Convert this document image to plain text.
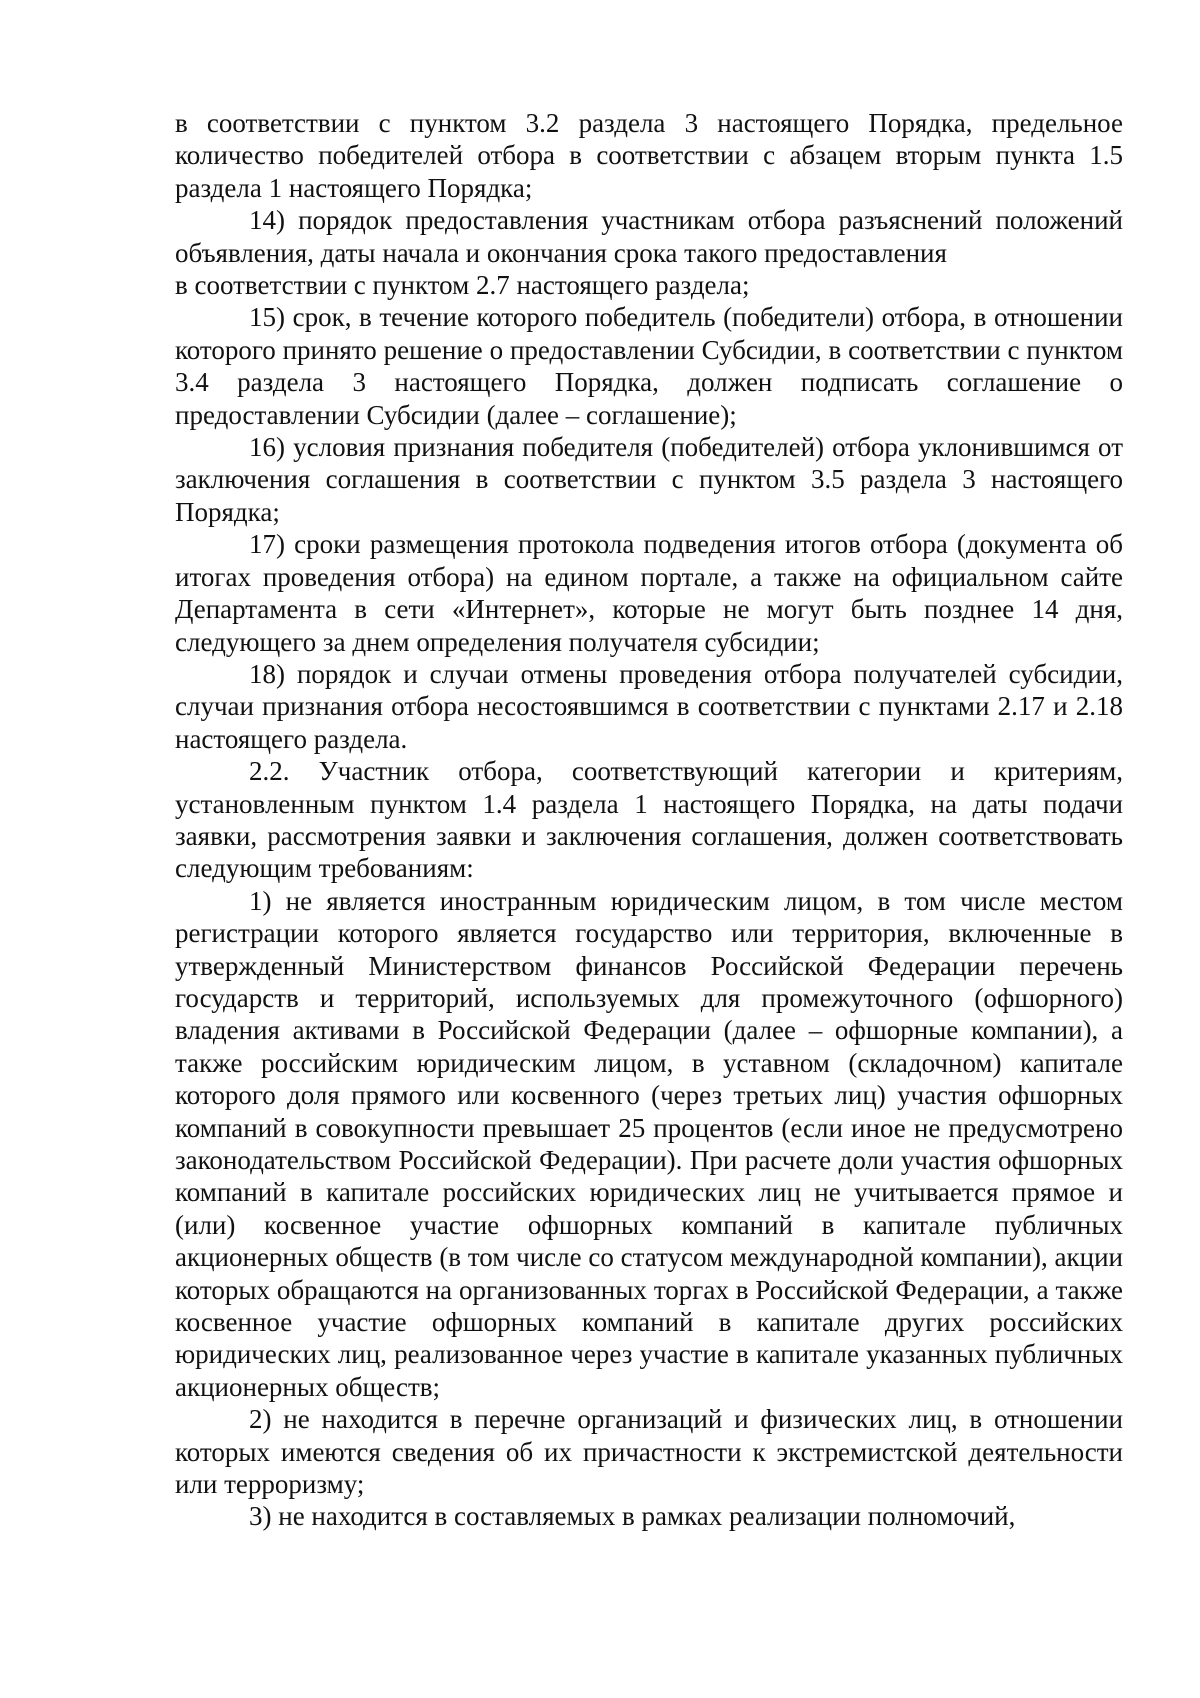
в соответствии с пунктом 3.2 раздела 3 настоящего Порядка, предельное количество победителей отбора в соответствии с абзацем вторым пункта 1.5 раздела 1 настоящего Порядка;

14) порядок предоставления участникам отбора разъяснений положений объявления, даты начала и окончания срока такого предоставления

в соответствии с пунктом 2.7 настоящего раздела;

15) срок, в течение которого победитель (победители) отбора, в отношении которого принято решение о предоставлении Субсидии, в соответствии с пунктом 3.4 раздела 3 настоящего Порядка, должен подписать соглашение о предоставлении Субсидии (далее – соглашение);

16) условия признания победителя (победителей) отбора уклонившимся от заключения соглашения в соответствии с пунктом 3.5 раздела 3 настоящего Порядка;

17) сроки размещения протокола подведения итогов отбора (документа об итогах проведения отбора) на едином портале, а также на официальном сайте Департамента в сети «Интернет», которые не могут быть позднее 14 дня, следующего за днем определения получателя субсидии;

18) порядок и случаи отмены проведения отбора получателей субсидии, случаи признания отбора несостоявшимся в соответствии с пунктами 2.17 и 2.18 настоящего раздела.

2.2. Участник отбора, соответствующий категории и критериям, установленным пунктом 1.4 раздела 1 настоящего Порядка, на даты подачи заявки, рассмотрения заявки и заключения соглашения, должен соответствовать следующим требованиям:

1) не является иностранным юридическим лицом, в том числе местом регистрации которого является государство или территория, включенные в утвержденный Министерством финансов Российской Федерации перечень государств и территорий, используемых для промежуточного (офшорного) владения активами в Российской Федерации (далее – офшорные компании), а также российским юридическим лицом, в уставном (складочном) капитале которого доля прямого или косвенного (через третьих лиц) участия офшорных компаний в совокупности превышает 25 процентов (если иное не предусмотрено законодательством Российской Федерации). При расчете доли участия офшорных компаний в капитале российских юридических лиц не учитывается прямое и (или) косвенное участие офшорных компаний в капитале публичных акционерных обществ (в том числе со статусом международной компании), акции которых обращаются на организованных торгах в Российской Федерации, а также косвенное участие офшорных компаний в капитале других российских юридических лиц, реализованное через участие в капитале указанных публичных акционерных обществ;

2) не находится в перечне организаций и физических лиц, в отношении которых имеются сведения об их причастности к экстремистской деятельности или терроризму;

3) не находится в составляемых в рамках реализации полномочий,
